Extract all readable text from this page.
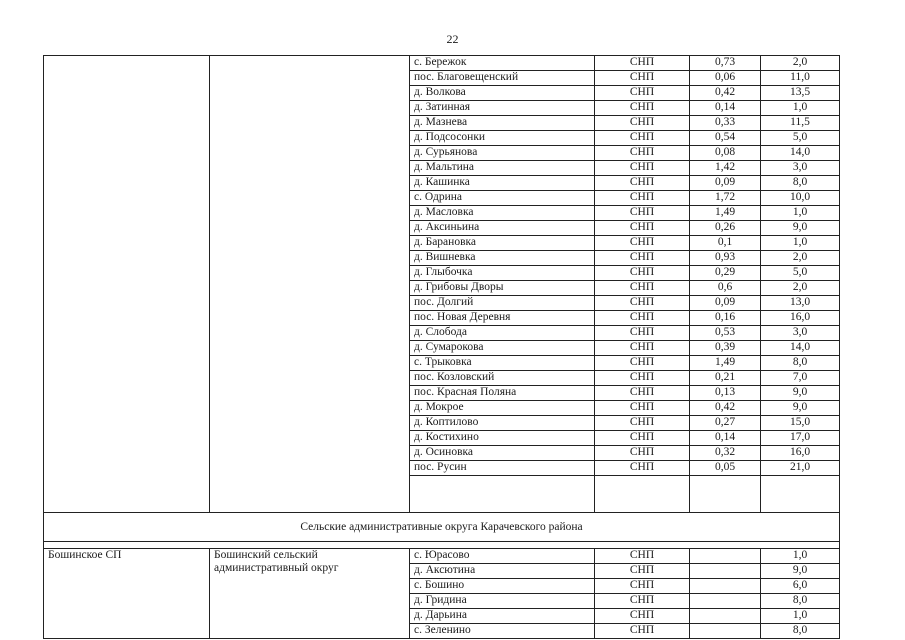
22
		с. Бережок	СНП	0,73	2,0
		пос. Благовещенский	СНП	0,06	11,0
		д. Волкова	СНП	0,42	13,5
		д. Затинная	СНП	0,14	1,0
		д. Мазнева	СНП	0,33	11,5
		д. Подсосонки	СНП	0,54	5,0
		д. Сурьянова	СНП	0,08	14,0
		д. Мальтина	СНП	1,42	3,0
		д. Кашинка	СНП	0,09	8,0
		с. Одрина	СНП	1,72	10,0
		д. Масловка	СНП	1,49	1,0
		д. Аксиньина	СНП	0,26	9,0
		д. Барановка	СНП	0,1	1,0
		д. Вишневка	СНП	0,93	2,0
		д. Глыбочка	СНП	0,29	5,0
		д. Грибовы Дворы	СНП	0,6	2,0
		пос. Долгий	СНП	0,09	13,0
		пос. Новая Деревня	СНП	0,16	16,0
		д. Слобода	СНП	0,53	3,0
		д. Сумарокова	СНП	0,39	14,0
		с. Трыковка	СНП	1,49	8,0
		пос. Козловский	СНП	0,21	7,0
		пос. Красная Поляна	СНП	0,13	9,0
		д. Мокрое	СНП	0,42	9,0
		д. Коптилово	СНП	0,27	15,0
		д. Костихино	СНП	0,14	17,0
		д. Осиновка	СНП	0,32	16,0
		пос. Русин	СНП	0,05	21,0

Сельские административные округа Карачевского района					

Бошинское СП	Бошинский сельский административный округ	с. Юрасово	СНП		1,0
		д. Аксютина	СНП		9,0
		с. Бошино	СНП		6,0
		д. Гридина	СНП		8,0
		д. Дарьина	СНП		1,0
		с. Зеленино	СНП		8,0
